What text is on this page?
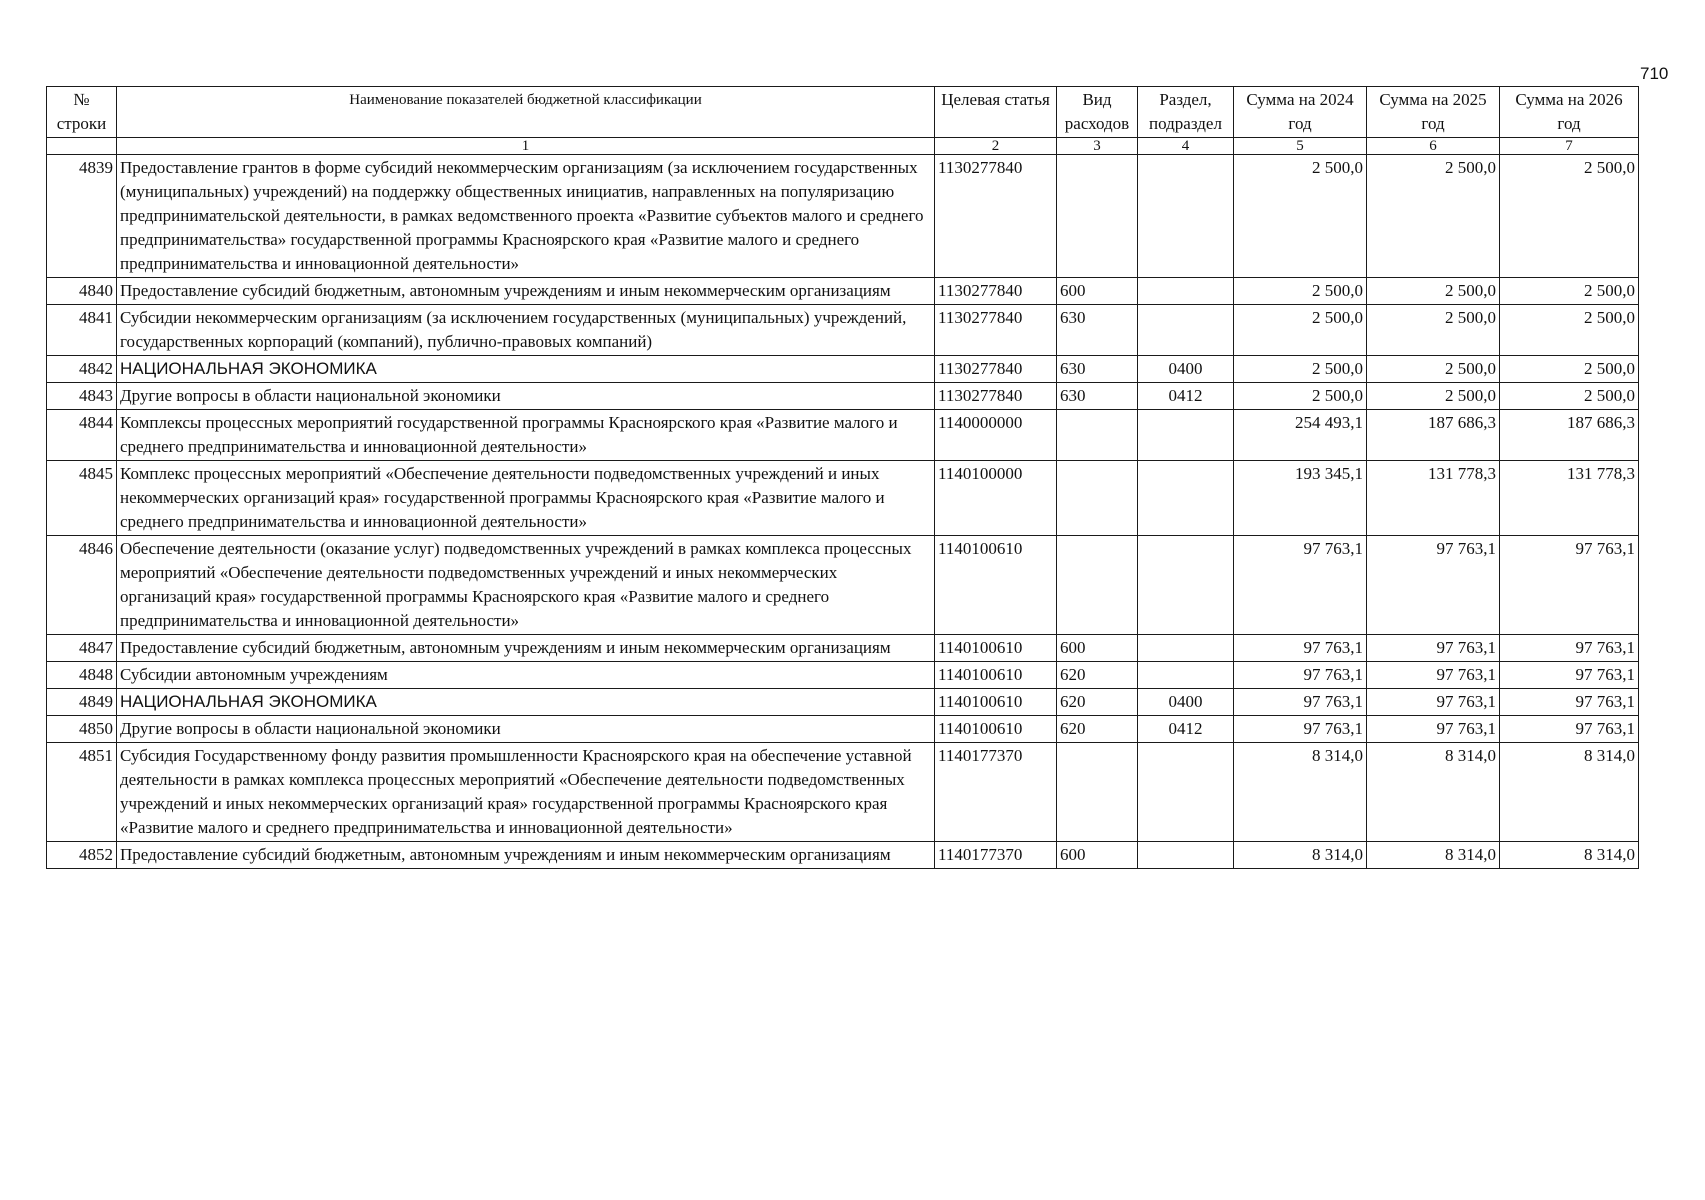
710
№ строки	Наименование показателей бюджетной классификации	Целевая статья	Вид расходов	Раздел, подраздел	Сумма на 2024 год	Сумма на 2025 год	Сумма на 2026 год
	1	2	3	4	5	6	7
4839	Предоставление грантов в форме субсидий некоммерческим организациям (за исключением государственных (муниципальных) учреждений) на поддержку общественных инициатив, направленных на популяризацию предпринимательской деятельности, в рамках ведомственного проекта «Развитие субъектов малого и среднего предпринимательства» государственной программы Красноярского края «Развитие малого и среднего предпринимательства и инновационной деятельности»	1130277840			2 500,0	2 500,0	2 500,0
4840	Предоставление субсидий бюджетным, автономным учреждениям и иным некоммерческим организациям	1130277840	600		2 500,0	2 500,0	2 500,0
4841	Субсидии некоммерческим организациям (за исключением государственных (муниципальных) учреждений, государственных корпораций (компаний), публично-правовых компаний)	1130277840	630		2 500,0	2 500,0	2 500,0
4842	НАЦИОНАЛЬНАЯ ЭКОНОМИКА	1130277840	630	0400	2 500,0	2 500,0	2 500,0
4843	Другие вопросы в области национальной экономики	1130277840	630	0412	2 500,0	2 500,0	2 500,0
4844	Комплексы процессных мероприятий государственной программы Красноярского края «Развитие малого и среднего предпринимательства и инновационной деятельности»	1140000000			254 493,1	187 686,3	187 686,3
4845	Комплекс процессных мероприятий «Обеспечение деятельности подведомственных учреждений и иных некоммерческих организаций края» государственной программы Красноярского края «Развитие малого и среднего предпринимательства и инновационной деятельности»	1140100000			193 345,1	131 778,3	131 778,3
4846	Обеспечение деятельности (оказание услуг) подведомственных учреждений в рамках комплекса процессных мероприятий «Обеспечение деятельности подведомственных учреждений и иных некоммерческих организаций края» государственной программы Красноярского края «Развитие малого и среднего предпринимательства и инновационной деятельности»	1140100610			97 763,1	97 763,1	97 763,1
4847	Предоставление субсидий бюджетным, автономным учреждениям и иным некоммерческим организациям	1140100610	600		97 763,1	97 763,1	97 763,1
4848	Субсидии автономным учреждениям	1140100610	620		97 763,1	97 763,1	97 763,1
4849	НАЦИОНАЛЬНАЯ ЭКОНОМИКА	1140100610	620	0400	97 763,1	97 763,1	97 763,1
4850	Другие вопросы в области национальной экономики	1140100610	620	0412	97 763,1	97 763,1	97 763,1
4851	Субсидия Государственному фонду развития промышленности Красноярского края на обеспечение уставной деятельности в рамках комплекса процессных мероприятий «Обеспечение деятельности подведомственных учреждений и иных некоммерческих организаций края» государственной программы Красноярского края «Развитие малого и среднего предпринимательства и инновационной деятельности»	1140177370			8 314,0	8 314,0	8 314,0
4852	Предоставление субсидий бюджетным, автономным учреждениям и иным некоммерческим организациям	1140177370	600		8 314,0	8 314,0	8 314,0
